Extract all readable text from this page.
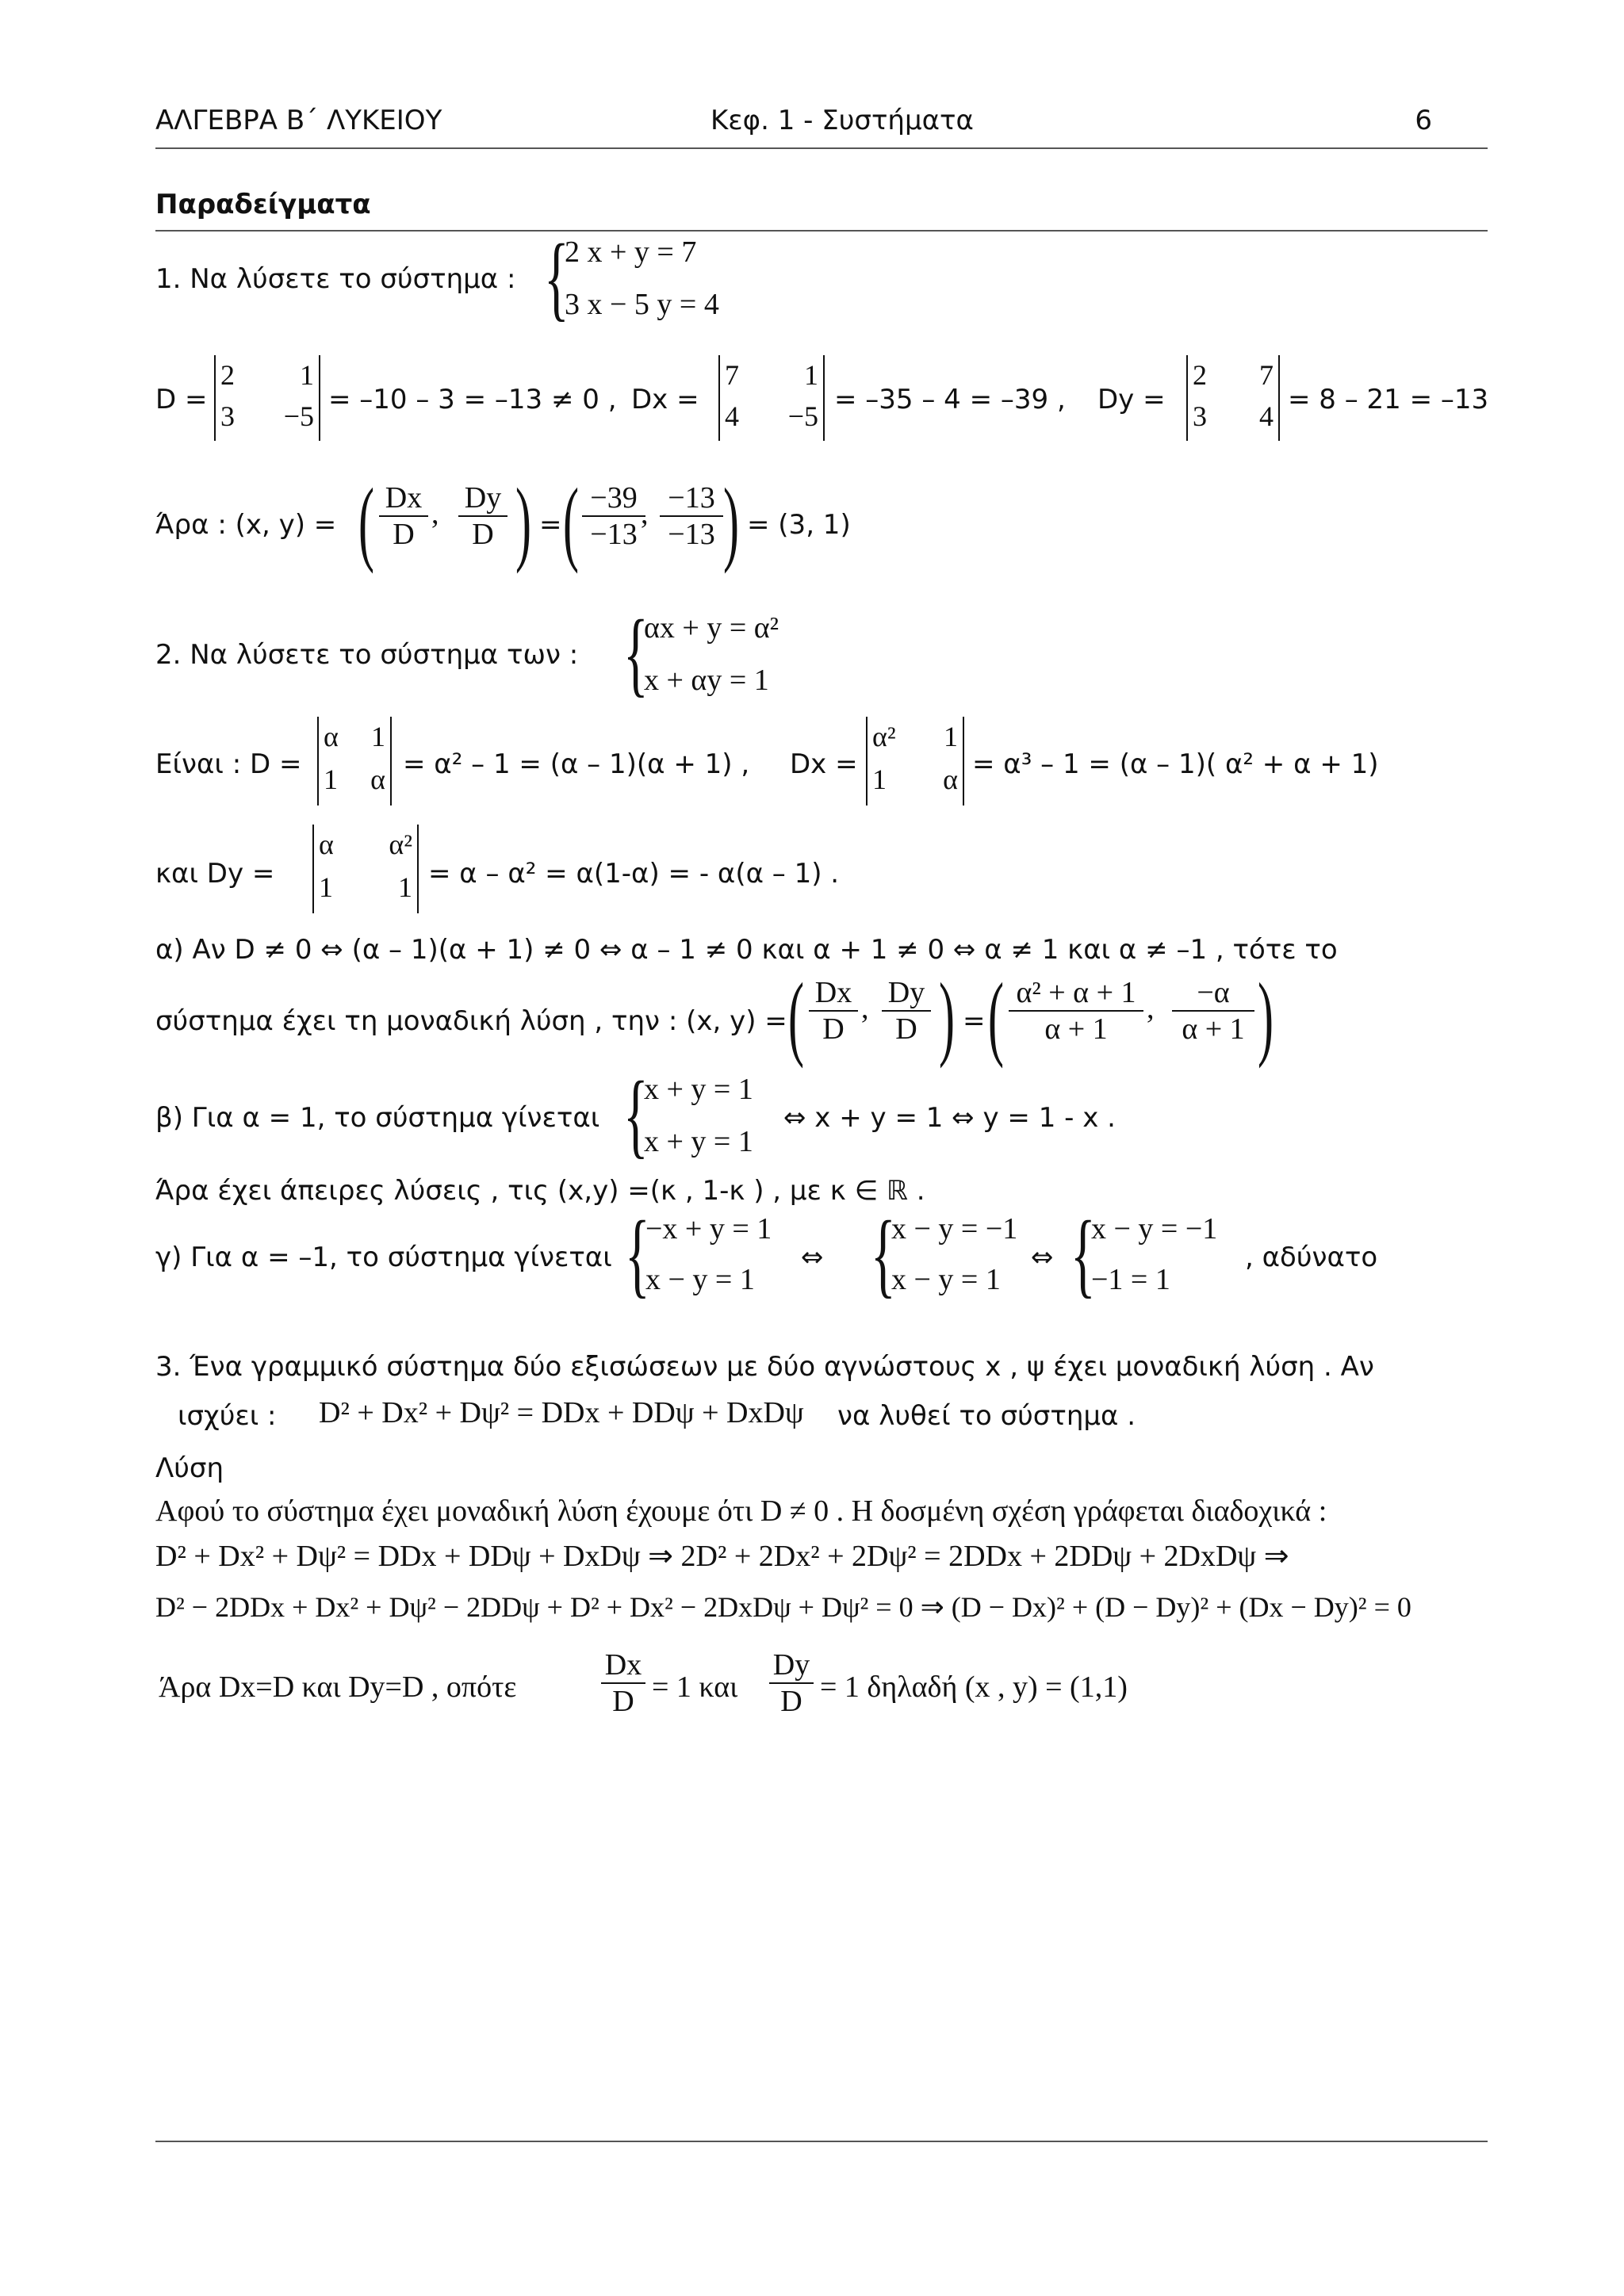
ΑΛΓΕΒΡΑ Β΄ ΛΥΚΕΙΟΥ	Κεφ. 1 - Συστήματα	6
Παραδείγματα
1. Να λύσετε το σύστημα : {
2 x + y = 7
3 x − 5 y = 4
D =
2 1
3 −5
= –10 – 3 = –13 ≠ 0 , Dx =
7 1
4 −5
= –35 – 4 = –39 , Dy =
2 7
3 4
= 8 – 21 = –13
Άρα : (x, y) = ( $\frac{Dx}{D}$ , $\frac{Dy}{D}$ ) = ( $\frac{-39}{-13}$
, $\frac{-13}{-13}$ ) = (3, 1)
2. Να λύσετε το σύστημα των : {
αx + y = α²
x + αy = 1
Είναι : D =
α 1
1 α = α² – 1 = (α – 1)(α + 1) , Dx =
α² 1
1 α = α³ – 1 = (α – 1)( α² + α + 1)
και Dy =
α α²
1 1 = α – α² = α(1-α) = - α(α – 1) .
α) Αν D ≠ 0 ⇔ (α – 1)(α + 1) ≠ 0 ⇔ α – 1 ≠ 0 και α + 1 ≠ 0 ⇔ α ≠ 1 και α ≠ –1 , τότε το
σύστημα έχει τη μοναδική λύση , την : (x, y) = ( $\frac{Dx}{D}$ , $\frac{Dy}{D}$ ) = ( $\frac{\text{α² + α + 1}}{\alpha + 1}$ , $\frac{-\alpha}{\alpha + 1}$ )
{
x + y = 1
x + y = 1
β) Για α = 1, το σύστημα γίνεται	⇔ x + y = 1 ⇔ y = 1 - x .
Άρα έχει άπειρες λύσεις , τις (x,y) =(κ , 1-κ ) , με κ ∈ ℝ .
γ) Για α = –1, το σύστημα γίνεται {
−x + y = 1
x − y = 1
⇔ {
x − y = −1
x − y = 1
⇔ {
x − y = −1
−1 = 1
, αδύνατο
3. Ένα γραμμικό σύστημα δύο εξισώσεων με δύο αγνώστους x , ψ έχει μοναδική λύση . Αν
ισχύει : D² + Dx² + Dψ² = DDx + DDψ + DxDψ να λυθεί το σύστημα .
Λύση
Αφού το σύστημα έχει μοναδική λύση έχουμε ότι D ≠ 0 . Η δοσμένη σχέση γράφεται διαδοχικά :
D² + Dx² + Dψ² = DDx + DDψ + DxDψ ⇒ 2D² + 2Dx² + 2Dψ² = 2DDx + 2DDψ + 2DxDψ ⇒
D² − 2DDx + Dx² + Dψ² − 2DDψ + D² + Dx² − 2DxDψ + Dψ² = 0 ⇒ (D − Dx)² + (D − Dy)² + (Dx − Dy)² = 0
Άρα Dx=D και Dy=D , οπότε	$\frac{Dx}{D} = 1$ και $\frac{Dy}{D} = 1$ δηλαδή (x , y) = (1,1)
